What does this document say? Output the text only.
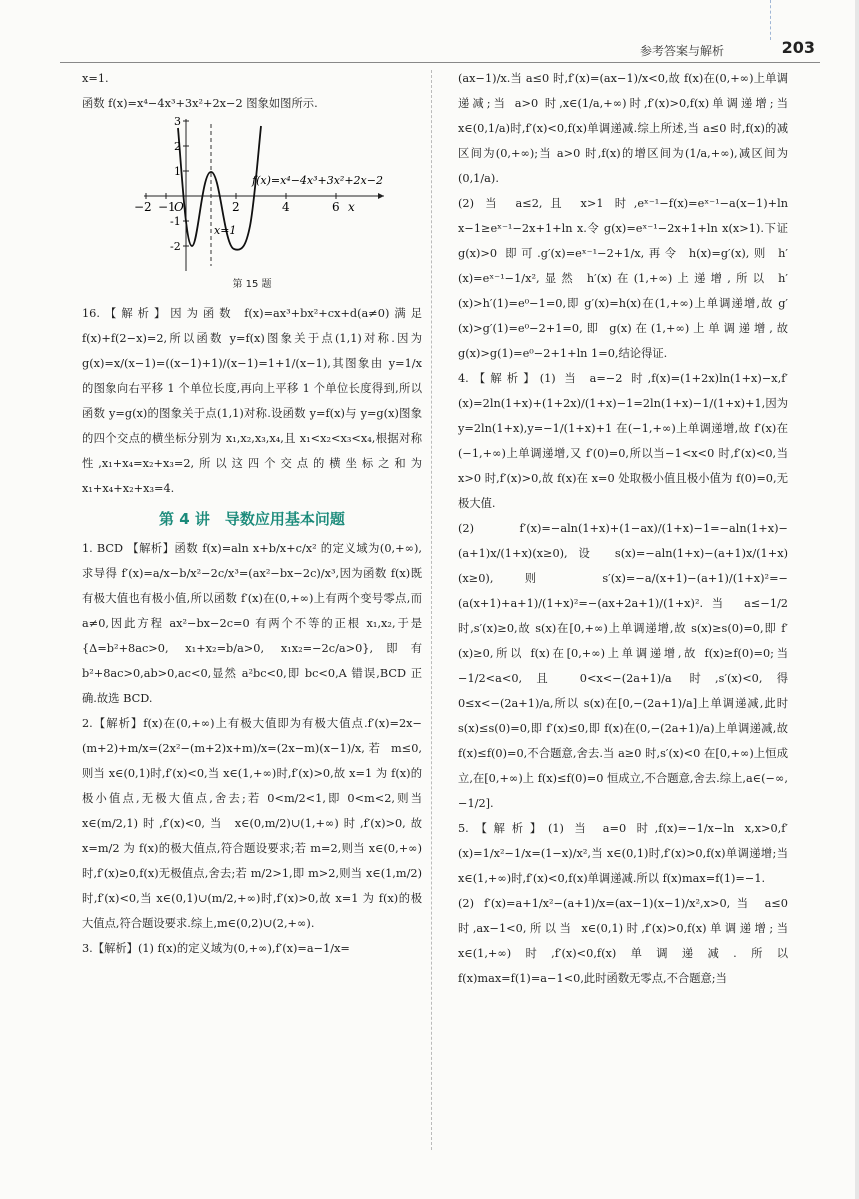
参考答案与解析	203

x=1.

函数 f(x)=x⁴−4x³+3x²+2x−2 图象如图所示.

−2 −1
O	2	4	6 x
3
2
1
-1
-2
x=1
f(x)=x⁴−4x³+3x²+2x−2
第 15 题

16.【解析】因为函数 f(x)=ax³+bx²+cx+d(a≠0)满足 f(x)+f(2−x)=2,所以函数 y=f(x)图象关于点(1,1)对称.因为 g(x)=x/(x−1)=((x−1)+1)/(x−1)=1+1/(x−1),其图象由 y=1/x 的图象向右平移 1 个单位长度,再向上平移 1 个单位长度得到,所以函数 y=g(x)的图象关于点(1,1)对称.设函数 y=f(x)与 y=g(x)图象的四个交点的横坐标分别为 x₁,x₂,x₃,x₄,且 x₁<x₂<x₃<x₄,根据对称性,x₁+x₄=x₂+x₃=2,所以这四个交点的横坐标之和为 x₁+x₄+x₂+x₃=4.

第 4 讲　导数应用基本问题

1. BCD 【解析】函数 f(x)=aln x+b/x+c/x² 的定义域为(0,+∞),求导得 f′(x)=a/x−b/x²−2c/x³=(ax²−bx−2c)/x³,因为函数 f(x)既有极大值也有极小值,所以函数 f′(x)在(0,+∞)上有两个变号零点,而 a≠0,因此方程 ax²−bx−2c=0 有两个不等的正根 x₁,x₂,于是{Δ=b²+8ac>0, x₁+x₂=b/a>0, x₁x₂=−2c/a>0},即有 b²+8ac>0,ab>0,ac<0,显然 a²bc<0,即 bc<0,A 错误,BCD 正确.故选 BCD.

2.【解析】f(x)在(0,+∞)上有极大值即为有极大值点.f′(x)=2x−(m+2)+m/x=(2x²−(m+2)x+m)/x=(2x−m)(x−1)/x,若 m≤0,则当 x∈(0,1)时,f′(x)<0,当 x∈(1,+∞)时,f′(x)>0,故 x=1 为 f(x)的极小值点,无极大值点,舍去;若 0<m/2<1,即 0<m<2,则当 x∈(m/2,1)时,f′(x)<0,当 x∈(0,m/2)∪(1,+∞)时,f′(x)>0,故 x=m/2 为 f(x)的极大值点,符合题设要求;若 m=2,则当 x∈(0,+∞)时,f′(x)≥0,f(x)无极值点,舍去;若 m/2>1,即 m>2,则当 x∈(1,m/2)时,f′(x)<0,当 x∈(0,1)∪(m/2,+∞)时,f′(x)>0,故 x=1 为 f(x)的极大值点,符合题设要求.综上,m∈(0,2)∪(2,+∞).

3.【解析】(1) f(x)的定义域为(0,+∞),f′(x)=a−1/x=

(ax−1)/x.当 a≤0 时,f′(x)=(ax−1)/x<0,故 f(x)在(0,+∞)上单调递减;当 a>0 时,x∈(1/a,+∞)时,f′(x)>0,f(x)单调递增;当 x∈(0,1/a)时,f′(x)<0,f(x)单调递减.综上所述,当 a≤0 时,f(x)的减区间为(0,+∞);当 a>0 时,f(x)的增区间为(1/a,+∞),减区间为(0,1/a).

(2) 当 a≤2,且 x>1 时,eˣ⁻¹−f(x)=eˣ⁻¹−a(x−1)+ln x−1≥eˣ⁻¹−2x+1+ln x.令 g(x)=eˣ⁻¹−2x+1+ln x(x>1).下证 g(x)>0 即可.g′(x)=eˣ⁻¹−2+1/x,再令 h(x)=g′(x),则 h′(x)=eˣ⁻¹−1/x²,显然 h′(x)在(1,+∞)上递增,所以 h′(x)>h′(1)=e⁰−1=0,即 g′(x)=h(x)在(1,+∞)上单调递增,故 g′(x)>g′(1)=e⁰−2+1=0,即 g(x)在(1,+∞)上单调递增,故 g(x)>g(1)=e⁰−2+1+ln 1=0,结论得证.

4.【解析】(1) 当 a=−2 时,f(x)=(1+2x)ln(1+x)−x,f′(x)=2ln(1+x)+(1+2x)/(1+x)−1=2ln(1+x)−1/(1+x)+1,因为 y=2ln(1+x),y=−1/(1+x)+1 在(−1,+∞)上单调递增,故 f′(x)在(−1,+∞)上单调递增,又 f′(0)=0,所以当−1<x<0 时,f′(x)<0,当 x>0 时,f′(x)>0,故 f(x)在 x=0 处取极小值且极小值为 f(0)=0,无极大值.

(2) f′(x)=−aln(1+x)+(1−ax)/(1+x)−1=−aln(1+x)−(a+1)x/(1+x)(x≥0),设 s(x)=−aln(1+x)−(a+1)x/(1+x)(x≥0),则 s′(x)=−a/(x+1)−(a+1)/(1+x)²=−(a(x+1)+a+1)/(1+x)²=−(ax+2a+1)/(1+x)².当 a≤−1/2 时,s′(x)≥0,故 s(x)在[0,+∞)上单调递增,故 s(x)≥s(0)=0,即 f′(x)≥0,所以 f(x)在[0,+∞)上单调递增,故 f(x)≥f(0)=0;当−1/2<a<0,且 0<x<−(2a+1)/a 时,s′(x)<0,得 0≤x<−(2a+1)/a,所以 s(x)在[0,−(2a+1)/a]上单调递减,此时 s(x)≤s(0)=0,即 f′(x)≤0,即 f(x)在(0,−(2a+1)/a)上单调递减,故 f(x)≤f(0)=0,不合题意,舍去.当 a≥0 时,s′(x)<0 在[0,+∞)上恒成立,在[0,+∞)上 f(x)≤f(0)=0 恒成立,不合题意,舍去.综上,a∈(−∞,−1/2].

5.【解析】(1) 当 a=0 时,f(x)=−1/x−ln x,x>0,f′(x)=1/x²−1/x=(1−x)/x²,当 x∈(0,1)时,f′(x)>0,f(x)单调递增;当 x∈(1,+∞)时,f′(x)<0,f(x)单调递减.所以 f(x)max=f(1)=−1.

(2) f′(x)=a+1/x²−(a+1)/x=(ax−1)(x−1)/x²,x>0,当 a≤0 时,ax−1<0,所以当 x∈(0,1)时,f′(x)>0,f(x)单调递增;当 x∈(1,+∞)时,f′(x)<0,f(x)单调递减.所以 f(x)max=f(1)=a−1<0,此时函数无零点,不合题意;当
